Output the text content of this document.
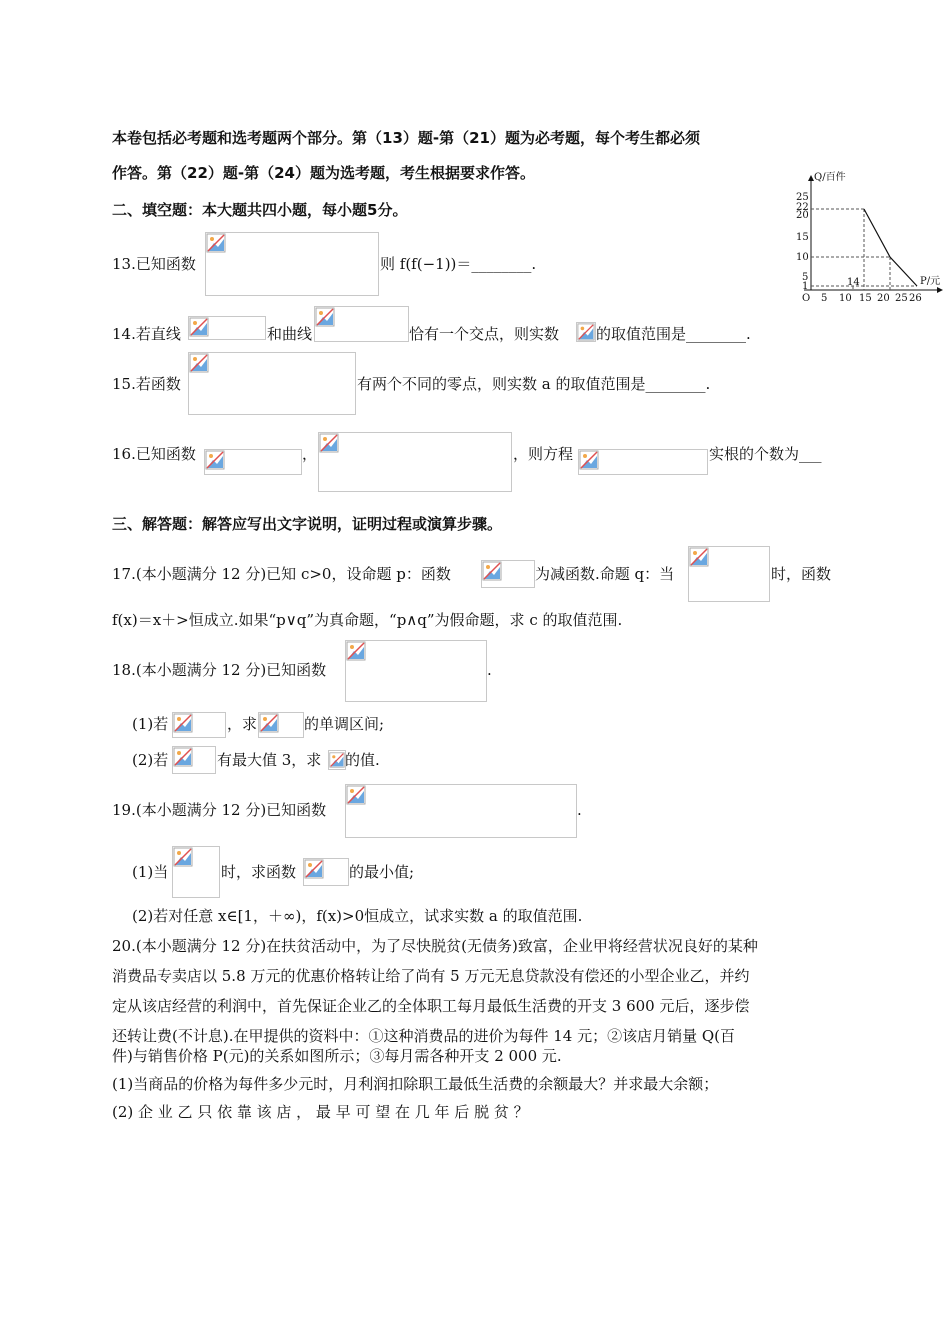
本卷包括必考题和选考题两个部分。第（13）题-第（21）题为必考题，每个考生都必须
作答。第（22）题-第（24）题为选考题，考生根据要求作答。
二、填空题：本大题共四小题，每小题5分。
13.已知函数	则 f(f(−1))＝________.
14.若直线	和曲线	恰有一个交点，则实数 的取值范围是________.
15.若函数	有两个不同的零点，则实数 a 的取值范围是________.
16.已知函数	，	，则方程	实根的个数为___
三、解答题：解答应写出文字说明，证明过程或演算步骤。
17.(本小题满分 12 分)已知 c>0，设命题 p：函数	为减函数.命题 q：当	时，函数
f(x)＝x＋>恒成立.如果“p∨q”为真命题，“p∧q”为假命题，求 c 的取值范围.
18.(本小题满分 12 分)已知函数	.
(1)若	，求	的单调区间;
(2)若	有最大值 3，求 的值.
19.(本小题满分 12 分)已知函数	.
(1)当	时，求函数	的最小值;
(2)若对任意 x∈[1，＋∞)，f(x)>0恒成立，试求实数 a 的取值范围.
20.(本小题满分 12 分)在扶贫活动中，为了尽快脱贫(无债务)致富，企业甲将经营状况良好的某种
消费品专卖店以 5.8 万元的优惠价格转让给了尚有 5 万元无息贷款没有偿还的小型企业乙，并约
定从该店经营的利润中，首先保证企业乙的全体职工每月最低生活费的开支 3 600 元后，逐步偿
还转让费(不计息).在甲提供的资料中：①这种消费品的进价为每件 14 元；②该店月销量 Q(百
件)与销售价格 P(元)的关系如图所示；③每月需各种开支 2 000 元.
(1)当商品的价格为每件多少元时，月利润扣除职工最低生活费的余额最大？并求最大余额；
(2) 企 业 乙 只 依 靠 该 店 ， 最 早 可 望 在 几 年 后 脱 贫 ？
Q/百件
P/元
O
25
22
20
15
10
5
1
5 10 15 20 25 26
14
